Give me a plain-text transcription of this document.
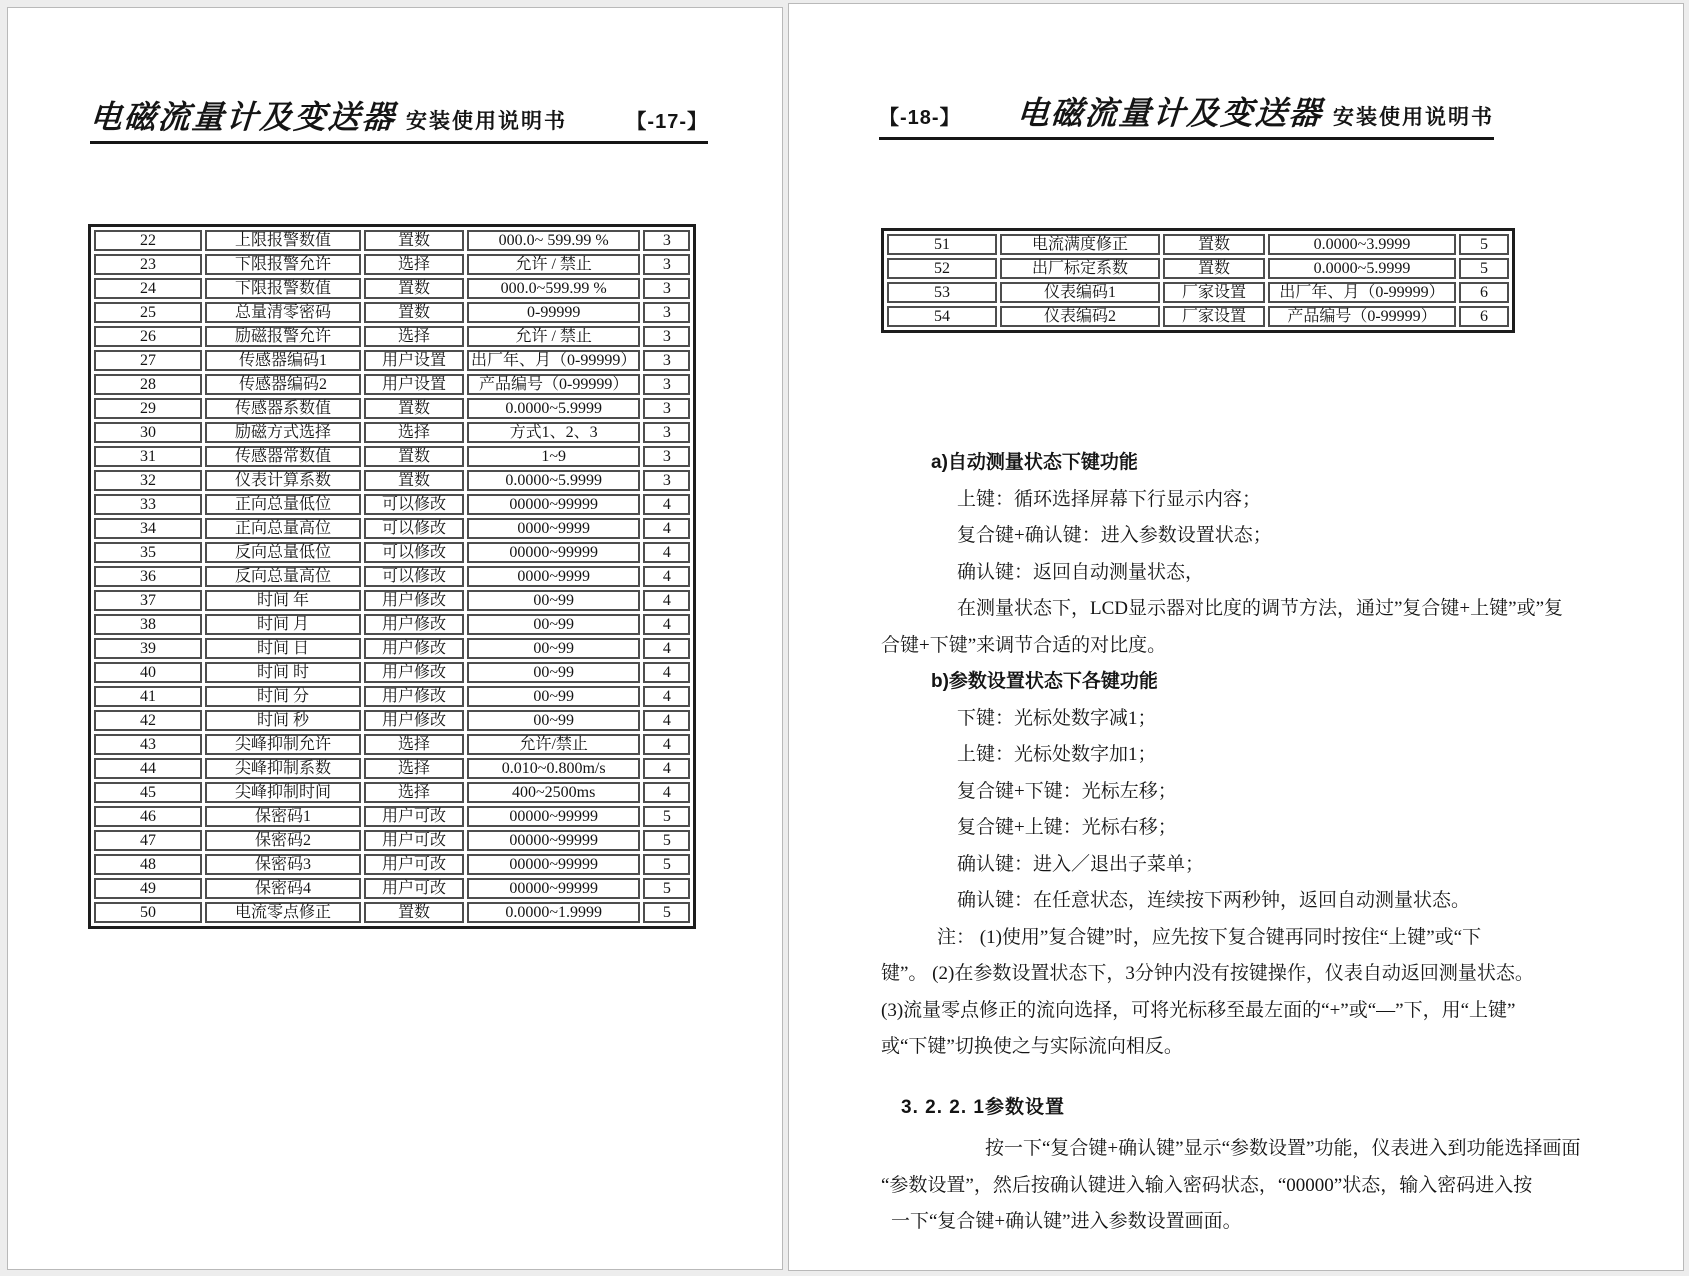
电磁流量计及变送器 安装使用说明书	【-17-】
22	上限报警数值	置数	000.0~ 599.99 %	3
23	下限报警允许	选择	允许 / 禁止	3
24	下限报警数值	置数	000.0~599.99 %	3
25	总量清零密码	置数	0-99999	3
26	励磁报警允许	选择	允许 / 禁止	3
27	传感器编码1	用户设置	出厂年、月（0-99999）	3
28	传感器编码2	用户设置	产品编号（0-99999）	3
29	传感器系数值	置数	0.0000~5.9999	3
30	励磁方式选择	选择	方式1、2、3	3
31	传感器常数值	置数	1~9	3
32	仪表计算系数	置数	0.0000~5.9999	3
33	正向总量低位	可以修改	00000~99999	4
34	正向总量高位	可以修改	0000~9999	4
35	反向总量低位	可以修改	00000~99999	4
36	反向总量高位	可以修改	0000~9999	4
37	时间 年	用户修改	00~99	4
38	时间 月	用户修改	00~99	4
39	时间 日	用户修改	00~99	4
40	时间 时	用户修改	00~99	4
41	时间 分	用户修改	00~99	4
42	时间 秒	用户修改	00~99	4
43	尖峰抑制允许	选择	允许/禁止	4
44	尖峰抑制系数	选择	0.010~0.800m/s	4
45	尖峰抑制时间	选择	400~2500ms	4
46	保密码1	用户可改	00000~99999	5
47	保密码2	用户可改	00000~99999	5
48	保密码3	用户可改	00000~99999	5
49	保密码4	用户可改	00000~99999	5
50	电流零点修正	置数	0.0000~1.9999	5
【-18-】 电磁流量计及变送器 安装使用说明书
51	电流满度修正	置数	0.0000~3.9999	5
52	出厂标定系数	置数	0.0000~5.9999	5
53	仪表编码1	厂家设置	出厂年、月（0-99999）	6
54	仪表编码2	厂家设置	产品编号（0-99999）	6
a)自动测量状态下键功能
上键：循环选择屏幕下行显示内容；
复合键+确认键：进入参数设置状态；
确认键：返回自动测量状态，
在测量状态下，LCD显示器对比度的调节方法，通过”复合键+上键”或”复
合键+下键”来调节合适的对比度。
b)参数设置状态下各键功能
下键：光标处数字减1；
上键：光标处数字加1；
复合键+下键：光标左移；
复合键+上键：光标右移；
确认键：进入／退出子菜单；
确认键：在任意状态，连续按下两秒钟，返回自动测量状态。
注： (1)使用”复合键”时，应先按下复合键再同时按住“上键”或“下
键”。 (2)在参数设置状态下，3分钟内没有按键操作，仪表自动返回测量状态。
(3)流量零点修正的流向选择，可将光标移至最左面的“+”或“—”下，用“上键”
或“下键”切换使之与实际流向相反。
3. 2. 2. 1参数设置
按一下“复合键+确认键”显示“参数设置”功能，仪表进入到功能选择画面
“参数设置”，然后按确认键进入输入密码状态，“00000”状态，输入密码进入按
一下“复合键+确认键”进入参数设置画面。
